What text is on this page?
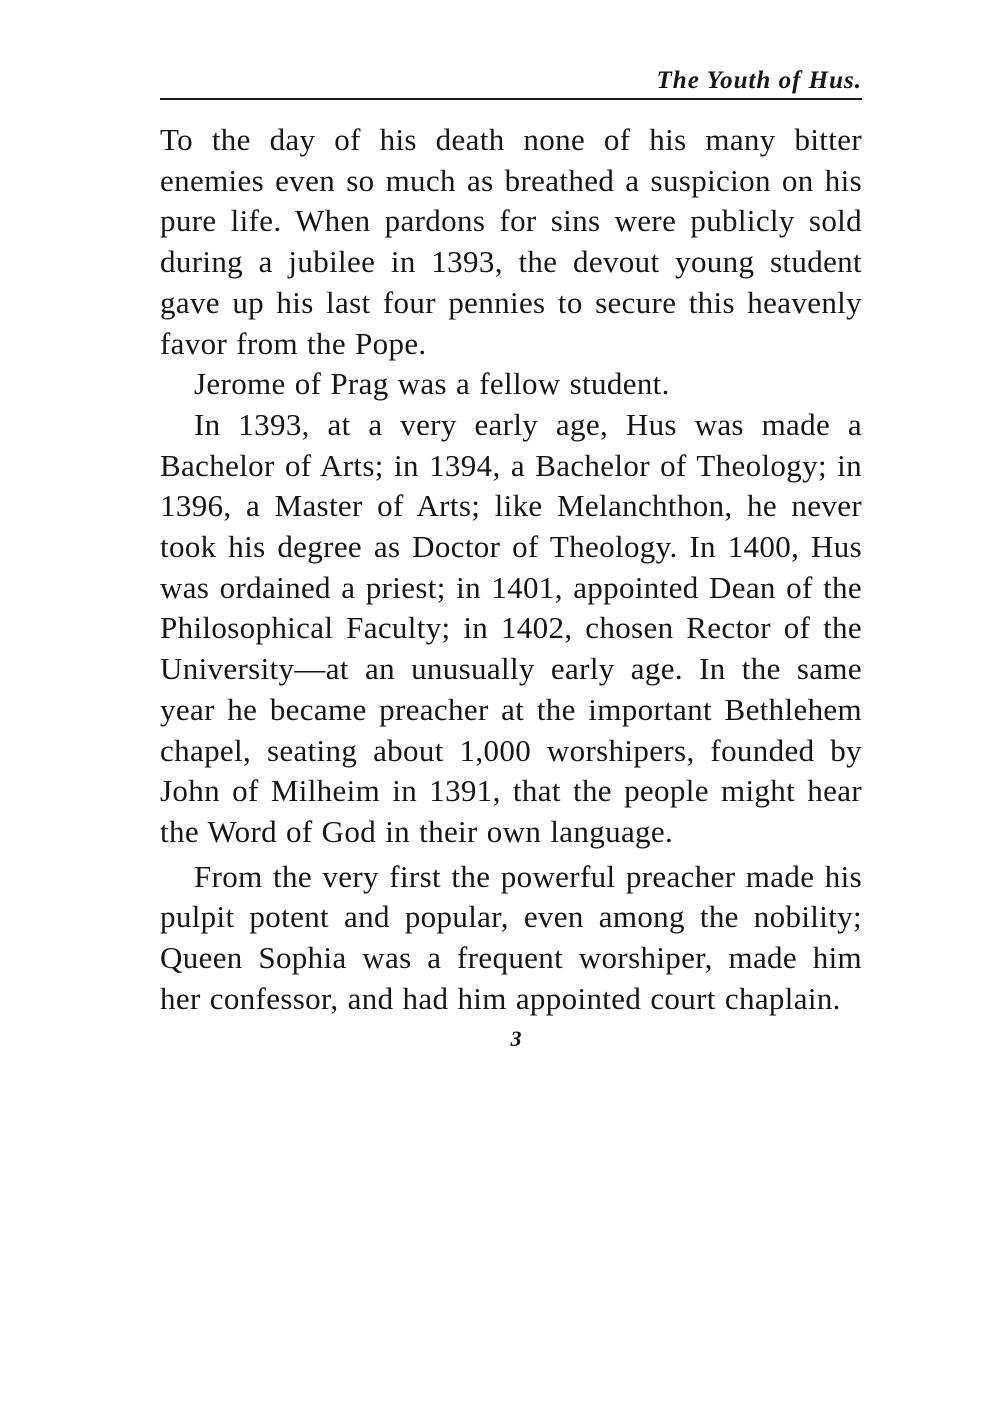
The Youth of Hus.

To the day of his death none of his many bitter enemies even so much as breathed a suspicion on his pure life. When pardons for sins were publicly sold during a jubilee in 1393, the devout young student gave up his last four pennies to secure this heavenly favor from the Pope.

Jerome of Prag was a fellow student.

In 1393, at a very early age, Hus was made a Bachelor of Arts; in 1394, a Bachelor of Theology; in 1396, a Master of Arts; like Melanchthon, he never took his degree as Doctor of Theology. In 1400, Hus was ordained a priest; in 1401, appointed Dean of the Philosophical Faculty; in 1402, chosen Rector of the University—at an unusually early age. In the same year he became preacher at the important Bethlehem chapel, seating about 1,000 worshipers, founded by John of Milheim in 1391, that the people might hear the Word of God in their own language.

From the very first the powerful preacher made his pulpit potent and popular, even among the nobility; Queen Sophia was a frequent worshiper, made him her confessor, and had him appointed court chaplain.

3
